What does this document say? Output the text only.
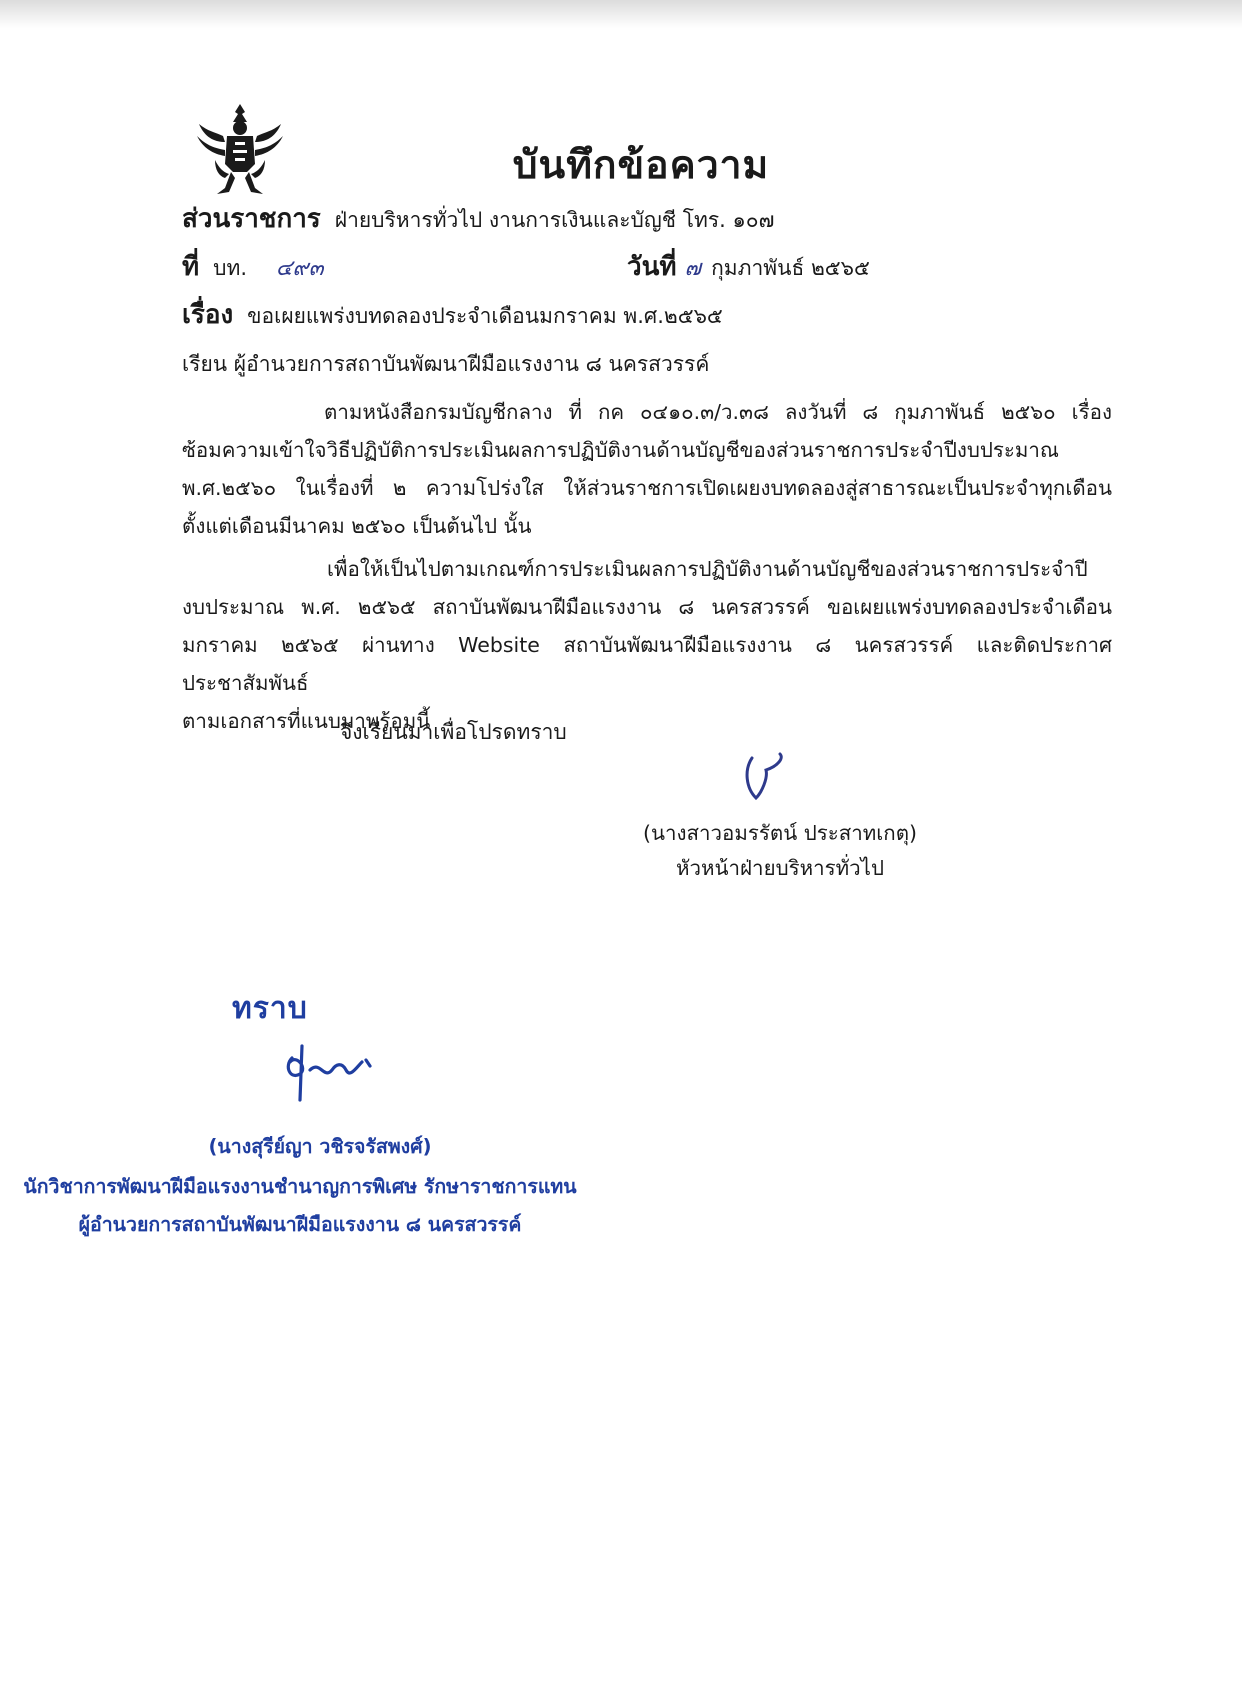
บันทึกข้อความ
ส่วนราชการ ฝ่ายบริหารทั่วไป งานการเงินและบัญชี โทร. ๑๐๗
ที่ บท. ๔๙๓	วันที่ ๗ กุมภาพันธ์ ๒๕๖๕
เรื่อง ขอเผยแพร่งบทดลองประจำเดือนมกราคม พ.ศ.๒๕๖๕
เรียน ผู้อำนวยการสถาบันพัฒนาฝีมือแรงงาน ๘ นครสวรรค์
ตามหนังสือกรมบัญชีกลาง ที่ กค ๐๔๑๐.๓/ว.๓๘ ลงวันที่ ๘ กุมภาพันธ์ ๒๕๖๐ เรื่อง
ซ้อมความเข้าใจวิธีปฏิบัติการประเมินผลการปฏิบัติงานด้านบัญชีของส่วนราชการประจำปีงบประมาณ
พ.ศ.๒๕๖๐ ในเรื่องที่ ๒ ความโปร่งใส ให้ส่วนราชการเปิดเผยงบทดลองสู่สาธารณะเป็นประจำทุกเดือน
ตั้งแต่เดือนมีนาคม ๒๕๖๐ เป็นต้นไป นั้น
เพื่อให้เป็นไปตามเกณฑ์การประเมินผลการปฏิบัติงานด้านบัญชีของส่วนราชการประจำปี
งบประมาณ พ.ศ. ๒๕๖๕ สถาบันพัฒนาฝีมือแรงงาน ๘ นครสวรรค์ ขอเผยแพร่งบทดลองประจำเดือน
มกราคม ๒๕๖๕ ผ่านทาง Website สถาบันพัฒนาฝีมือแรงงาน ๘ นครสวรรค์ และติดประกาศประชาสัมพันธ์
ตามเอกสารที่แนบมาพร้อมนี้
จึงเรียนมาเพื่อโปรดทราบ
(นางสาวอมรรัตน์ ประสาทเกตุ)
หัวหน้าฝ่ายบริหารทั่วไป
ทราบ
(นางสุรีย์ญา วชิรจรัสพงศ์)
นักวิชาการพัฒนาฝีมือแรงงานชำนาญการพิเศษ รักษาราชการแทน
ผู้อำนวยการสถาบันพัฒนาฝีมือแรงงาน ๘ นครสวรรค์
